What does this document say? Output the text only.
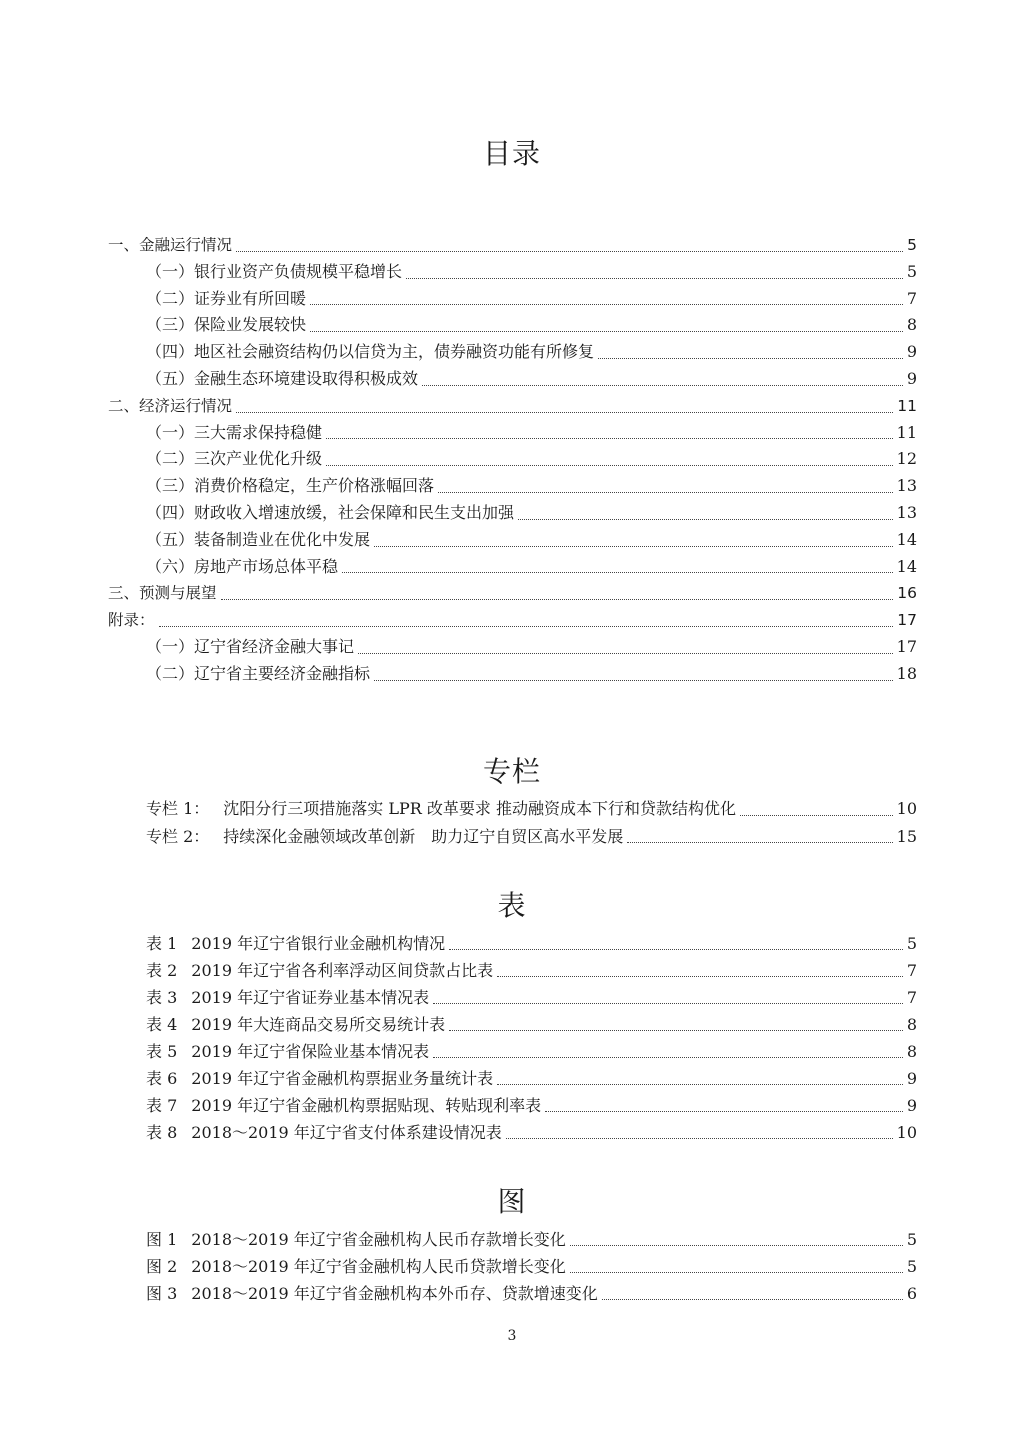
目录
一、金融运行情况	5
（一）银行业资产负债规模平稳增长	5
（二）证券业有所回暖	7
（三）保险业发展较快	8
（四）地区社会融资结构仍以信贷为主，债券融资功能有所修复	9
（五）金融生态环境建设取得积极成效	9
二、经济运行情况	11
（一）三大需求保持稳健	11
（二）三次产业优化升级	12
（三）消费价格稳定，生产价格涨幅回落	13
（四）财政收入增速放缓，社会保障和民生支出加强	13
（五）装备制造业在优化中发展	14
（六）房地产市场总体平稳	14
三、预测与展望	16
附录：	17
（一）辽宁省经济金融大事记	17
（二）辽宁省主要经济金融指标	18
专栏
专栏 1： 沈阳分行三项措施落实 LPR 改革要求 推动融资成本下行和贷款结构优化	10
专栏 2： 持续深化金融领域改革创新　助力辽宁自贸区高水平发展	15
表
表 1 2019 年辽宁省银行业金融机构情况	5
表 2 2019 年辽宁省各利率浮动区间贷款占比表	7
表 3 2019 年辽宁省证券业基本情况表	7
表 4 2019 年大连商品交易所交易统计表	8
表 5 2019 年辽宁省保险业基本情况表	8
表 6 2019 年辽宁省金融机构票据业务量统计表	9
表 7 2019 年辽宁省金融机构票据贴现、转贴现利率表	9
表 8 2018～2019 年辽宁省支付体系建设情况表	10
图
图 1 2018～2019 年辽宁省金融机构人民币存款增长变化	5
图 2 2018～2019 年辽宁省金融机构人民币贷款增长变化	5
图 3 2018～2019 年辽宁省金融机构本外币存、贷款增速变化	6
3
